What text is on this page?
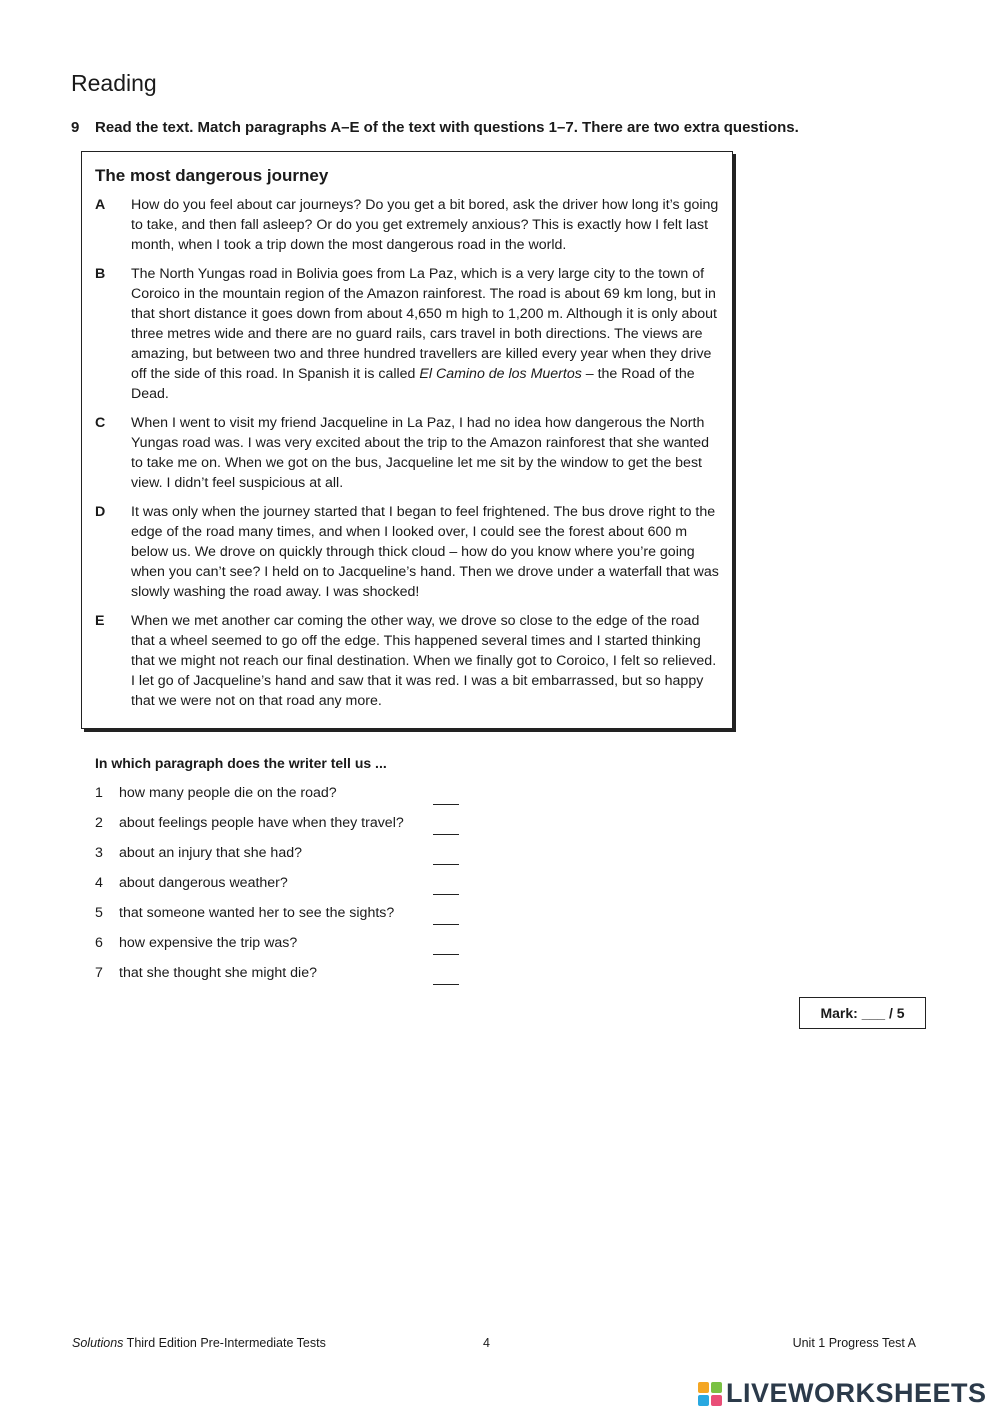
Reading
9 Read the text. Match paragraphs A–E of the text with questions 1–7. There are two extra questions.
The most dangerous journey
A	How do you feel about car journeys? Do you get a bit bored, ask the driver how long it’s going to take, and then fall asleep? Or do you get extremely anxious? This is exactly how I felt last month, when I took a trip down the most dangerous road in the world.
B	The North Yungas road in Bolivia goes from La Paz, which is a very large city to the town of Coroico in the mountain region of the Amazon rainforest. The road is about 69 km long, but in that short distance it goes down from about 4,650 m high to 1,200 m. Although it is only about three metres wide and there are no guard rails, cars travel in both directions. The views are amazing, but between two and three hundred travellers are killed every year when they drive off the side of this road. In Spanish it is called El Camino de los Muertos – the Road of the Dead.
C	When I went to visit my friend Jacqueline in La Paz, I had no idea how dangerous the North Yungas road was. I was very excited about the trip to the Amazon rainforest that she wanted to take me on. When we got on the bus, Jacqueline let me sit by the window to get the best view. I didn’t feel suspicious at all.
D	It was only when the journey started that I began to feel frightened. The bus drove right to the edge of the road many times, and when I looked over, I could see the forest about 600 m below us. We drove on quickly through thick cloud – how do you know where you’re going when you can’t see? I held on to Jacqueline’s hand. Then we drove under a waterfall that was slowly washing the road away. I was shocked!
E	When we met another car coming the other way, we drove so close to the edge of the road that a wheel seemed to go off the edge. This happened several times and I started thinking that we might not reach our final destination. When we finally got to Coroico, I felt so relieved. I let go of Jacqueline’s hand and saw that it was red. I was a bit embarrassed, but so happy that we were not on that road any more.
In which paragraph does the writer tell us ...
1	how many people die on the road?
2	about feelings people have when they travel?
3	about an injury that she had?
4	about dangerous weather?
5	that someone wanted her to see the sights?
6	how expensive the trip was?
7	that she thought she might die?
Mark: ___ / 5
Solutions Third Edition Pre-Intermediate Tests	4	Unit 1 Progress Test A
LIVEWORKSHEETS
